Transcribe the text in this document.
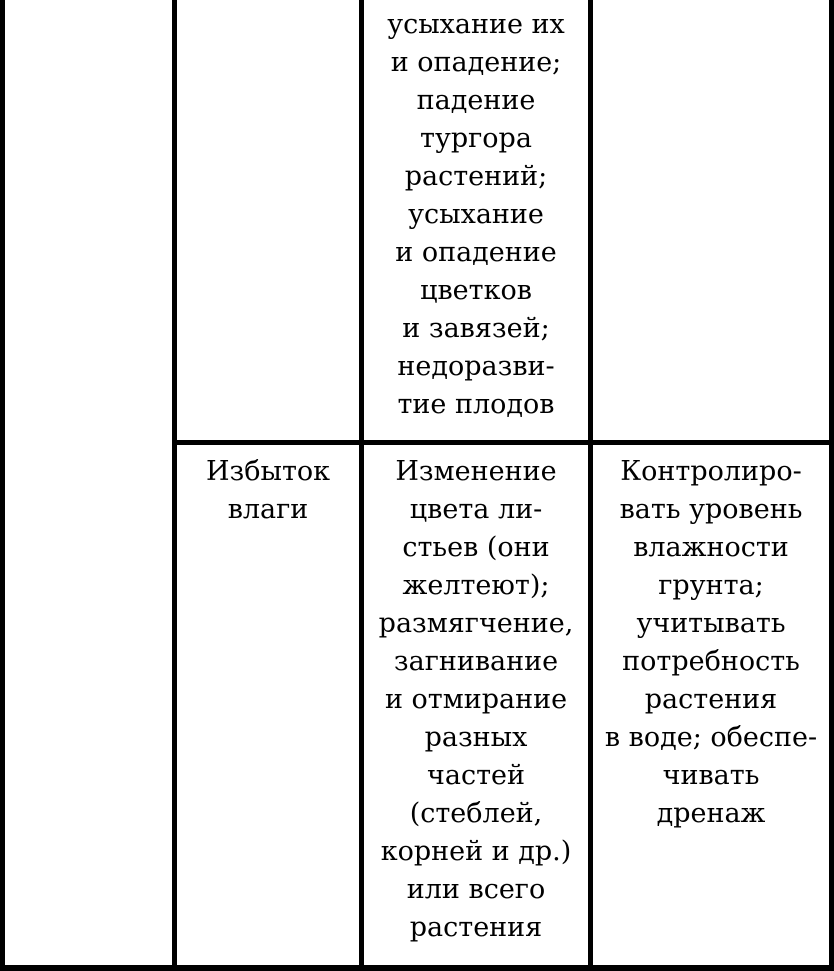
усыхание их
и опадение;
падение
тургора
растений;
усыхание
и опадение
цветков
и завязей;
недоразви-
тие плодов

Избыток
влаги

Изменение
цвета ли-
стьев (они
желтеют);
размягчение,
загнивание
и отмирание
разных
частей
(стеблей,
корней и др.)
или всего
растения

Контролиро-
вать уровень
влажности
грунта;
учитывать
потребность
растения
в воде; обеспе-
чивать
дренаж
